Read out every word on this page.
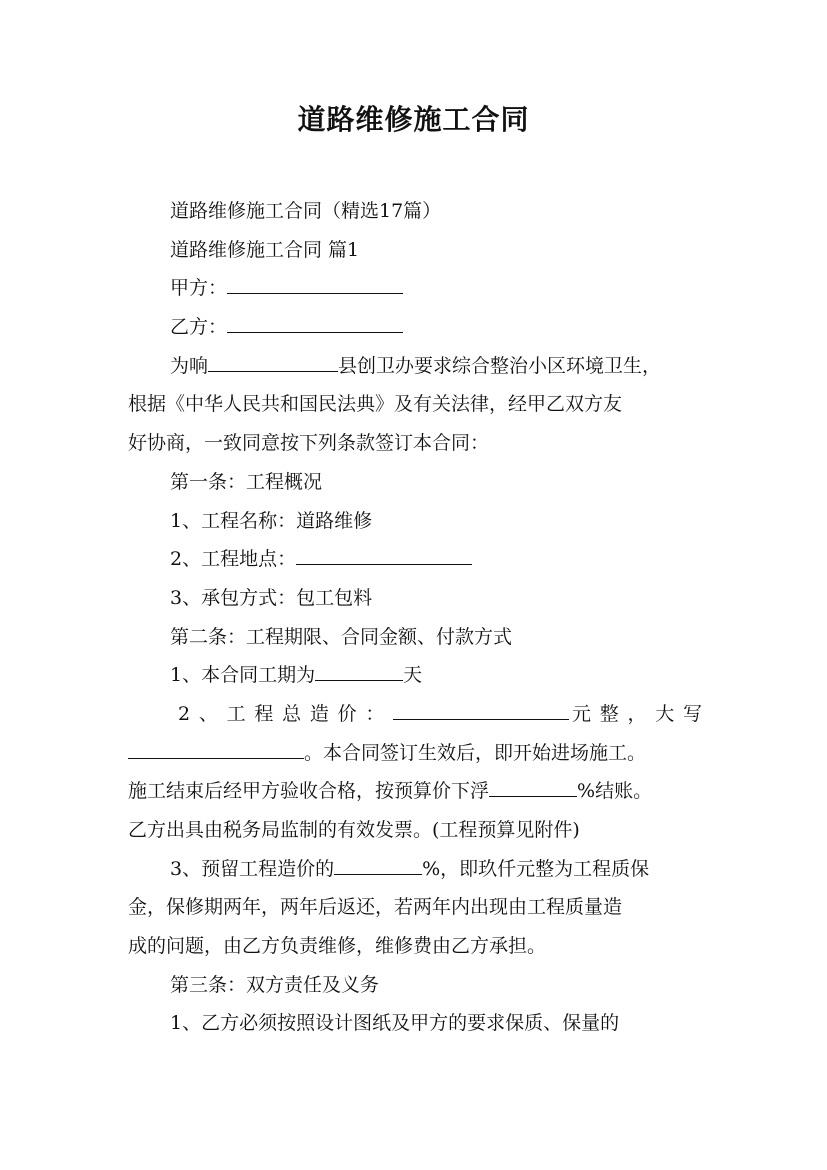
道路维修施工合同
道路维修施工合同（精选17篇）
道路维修施工合同 篇1
甲方：
乙方：
为响	县创卫办要求综合整治小区环境卫生，
根据《中华人民共和国民法典》及有关法律，经甲乙双方友
好协商，一致同意按下列条款签订本合同：
第一条：工程概况
1、工程名称：道路维修
2、工程地点：
3、承包方式：包工包料
第二条：工程期限、合同金额、付款方式
1、本合同工期为	天
2、工程总造价：	元整，大写
。本合同签订生效后，即开始进场施工。
施工结束后经甲方验收合格，按预算价下浮	%结账。
乙方出具由税务局监制的有效发票。(工程预算见附件)
3、预留工程造价的	%，即玖仟元整为工程质保
金，保修期两年，两年后返还，若两年内出现由工程质量造
成的问题，由乙方负责维修，维修费由乙方承担。
第三条：双方责任及义务
1、乙方必须按照设计图纸及甲方的要求保质、保量的
